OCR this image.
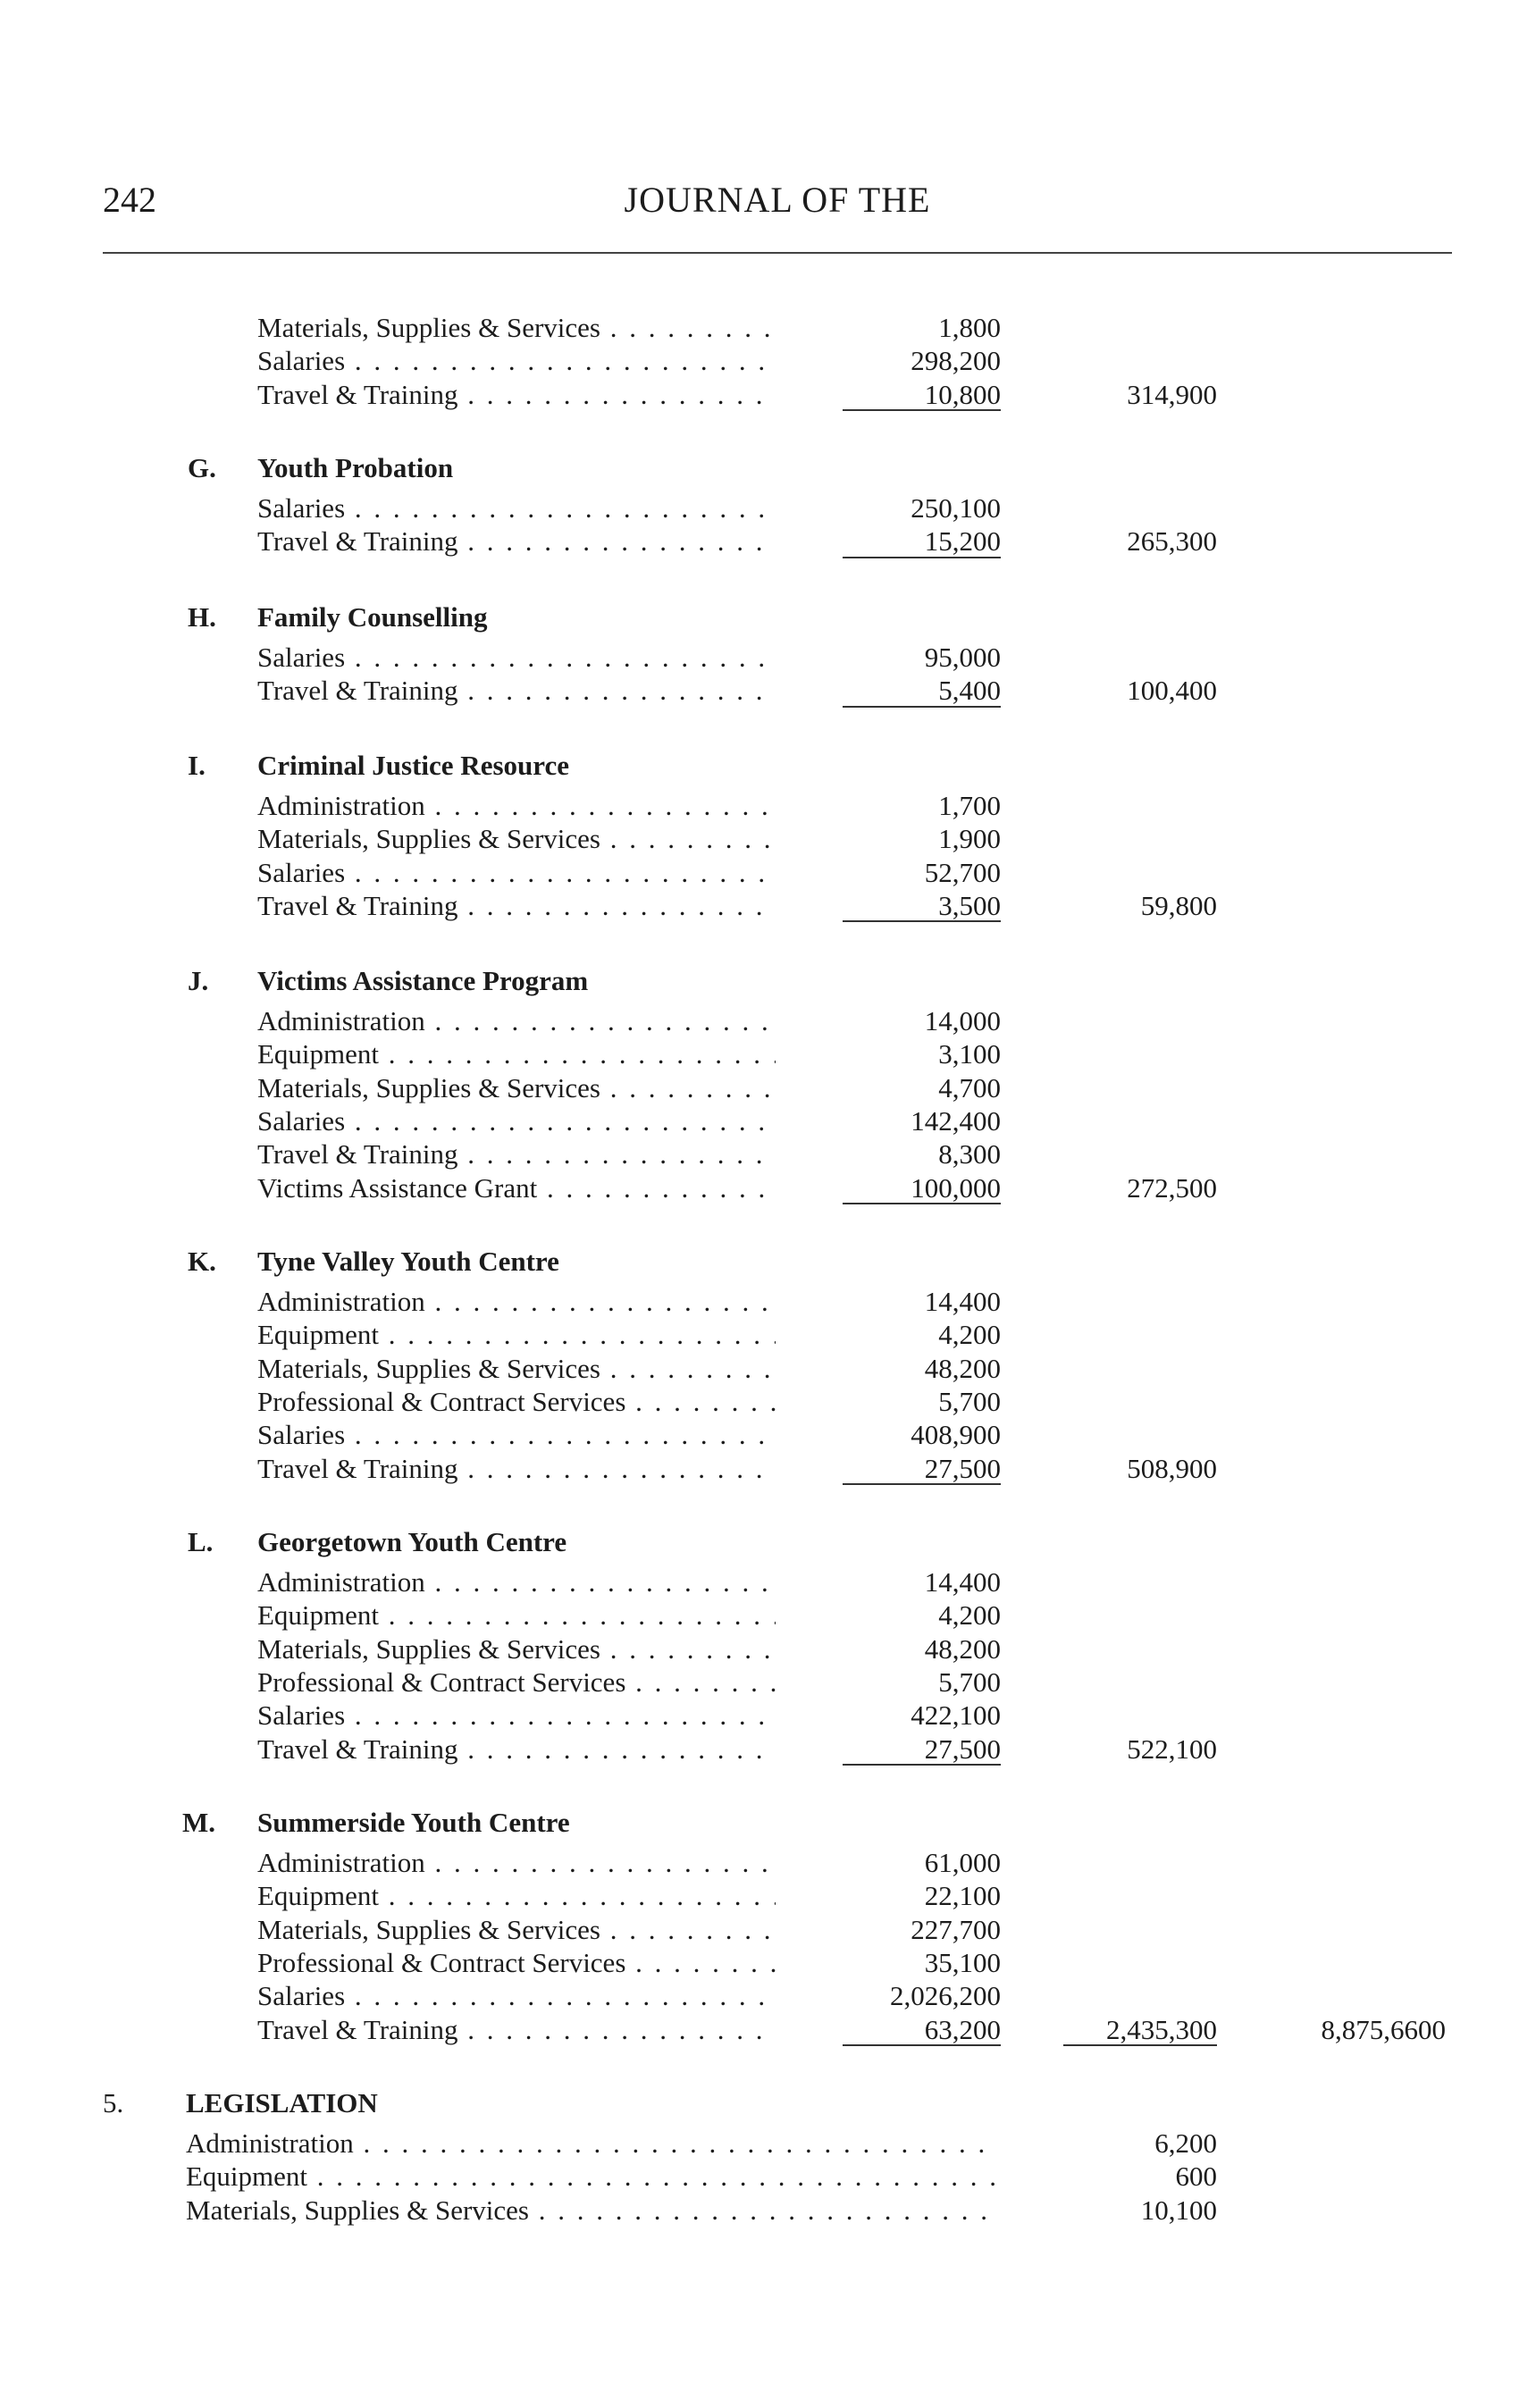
242	JOURNAL OF THE
Materials, Supplies & Services . . .	1,800
Salaries . . .	298,200
Travel & Training . . .	10,800	314,900
G. Youth Probation
Salaries . . .	250,100
Travel & Training . . .	15,200	265,300
H. Family Counselling
Salaries . . .	95,000
Travel & Training . . .	5,400	100,400
I. Criminal Justice Resource
Administration . . .	1,700
Materials, Supplies & Services . . .	1,900
Salaries . . .	52,700
Travel & Training . . .	3,500	59,800
J. Victims Assistance Program
Administration . . .	14,000
Equipment . . .	3,100
Materials, Supplies & Services . . .	4,700
Salaries . . .	142,400
Travel & Training . . .	8,300
Victims Assistance Grant . . .	100,000	272,500
K. Tyne Valley Youth Centre
Administration . . .	14,400
Equipment . . .	4,200
Materials, Supplies & Services . . .	48,200
Professional & Contract Services . . .	5,700
Salaries . . .	408,900
Travel & Training . . .	27,500	508,900
L. Georgetown Youth Centre
Administration . . .	14,400
Equipment . . .	4,200
Materials, Supplies & Services . . .	48,200
Professional & Contract Services . . .	5,700
Salaries . . .	422,100
Travel & Training . . .	27,500	522,100
M. Summerside Youth Centre
Administration . . .	61,000
Equipment . . .	22,100
Materials, Supplies & Services . . .	227,700
Professional & Contract Services . . .	35,100
Salaries . . .	2,026,200
Travel & Training . . .	63,200	2,435,300	8,875,6600
5. LEGISLATION
Administration . . .	6,200
Equipment . . .	600
Materials, Supplies & Services . . .	10,100
